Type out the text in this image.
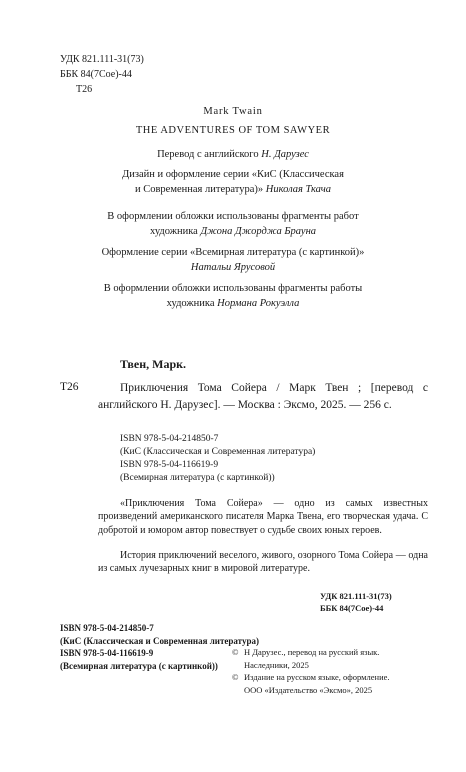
УДК 821.111-31(73)
ББК 84(7Сое)-44
Т26
Mark Twain
THE ADVENTURES OF TOM SAWYER
Перевод с английского Н. Дарузес
Дизайн и оформление серии «КиС (Классическая
и Современная литература)» Николая Ткача
В оформлении обложки использованы фрагменты работ
художника Джона Джорджа Брауна
Оформление серии «Всемирная литература (с картинкой)»
Натальи Ярусовой
В оформлении обложки использованы фрагменты работы
художника Нормана Рокуэлла
Твен, Марк.
Т26	Приключения Тома Сойера / Марк Твен ; [перевод с английского Н. Дарузес]. — Москва : Эксмо, 2025. — 256 с.

ISBN 978-5-04-214850-7
(КиС (Классическая и Современная литература)
ISBN 978-5-04-116619-9
(Всемирная литература (с картинкой))

«Приключения Тома Сойера» — одно из самых известных произведений американского писателя Марка Твена, его творческая удача. С добротой и юмором автор повествует о судьбе своих юных героев.

История приключений веселого, живого, озорного Тома Сойера — одна из самых лучезарных книг в мировой литературе.

УДК 821.111-31(73)
ББК 84(7Сое)-44
ISBN 978-5-04-214850-7
(КиС (Классическая и Современная литература)
ISBN 978-5-04-116619-9
(Всемирная литература (с картинкой))
© Н Дарузес., перевод на русский язык.
Наследники, 2025
© Издание на русском языке, оформление.
ООО «Издательство «Эксмо», 2025
